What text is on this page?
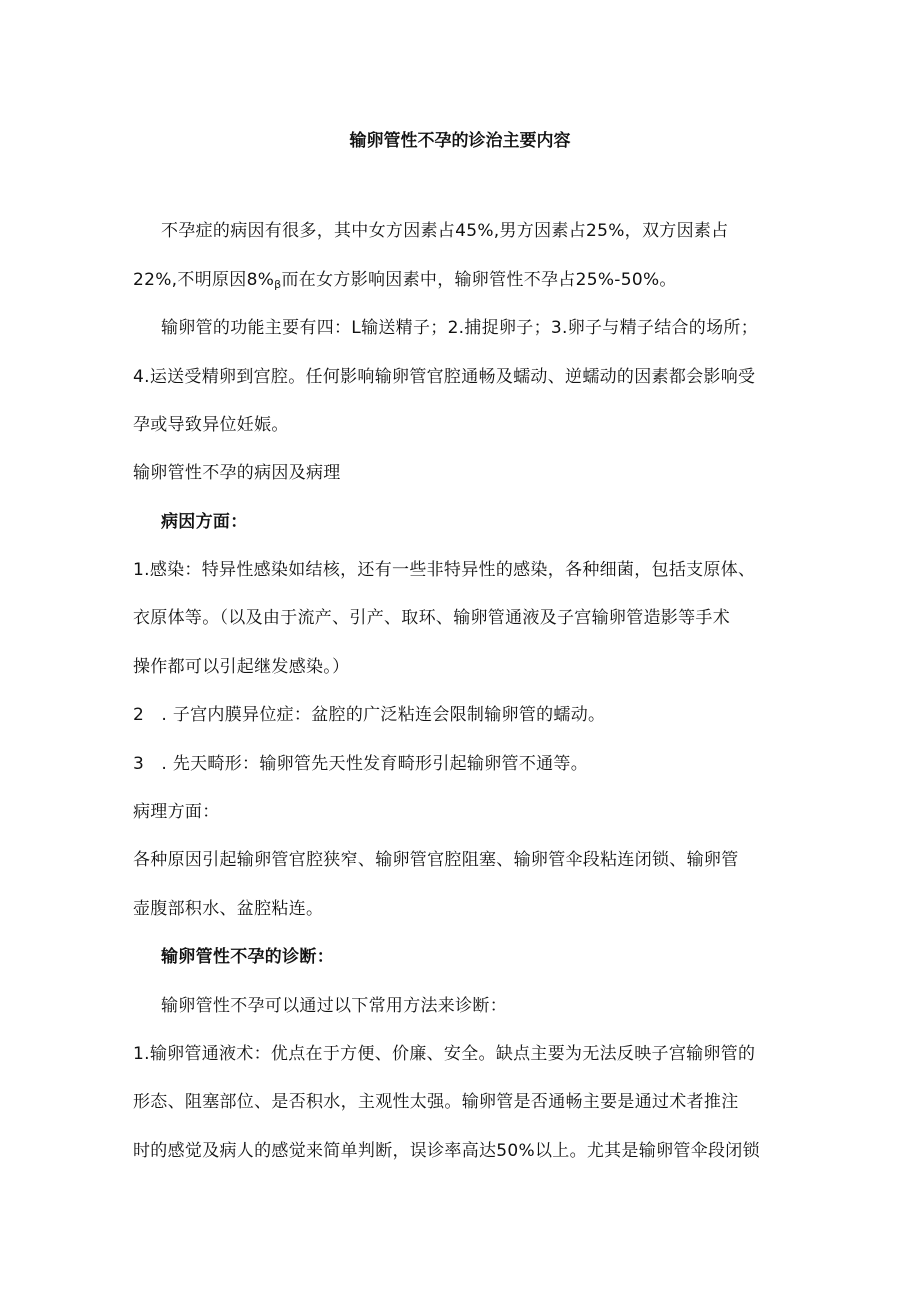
输卵管性不孕的诊治主要内容
不孕症的病因有很多，其中女方因素占45%,男方因素占25%，双方因素占
22%,不明原因$8\%_\beta$而在女方影响因素中，输卵管性不孕占25%-50%。
输卵管的功能主要有四：L输送精子；2.捕捉卵子；3.卵子与精子结合的场所；
4.运送受精卵到宫腔。任何影响输卵管官腔通畅及蠕动、逆蠕动的因素都会影响受
孕或导致异位妊娠。
输卵管性不孕的病因及病理
病因方面：
1.感染：特异性感染如结核，还有一些非特异性的感染，各种细菌，包括支原体、
衣原体等。（以及由于流产、引产、取环、输卵管通液及子宫输卵管造影等手术
操作都可以引起继发感染。）
2　. 子宫内膜异位症：盆腔的广泛粘连会限制输卵管的蠕动。
3　. 先天畸形：输卵管先天性发育畸形引起输卵管不通等。
病理方面：
各种原因引起输卵管官腔狭窄、输卵管官腔阻塞、输卵管伞段粘连闭锁、输卵管
壶腹部积水、盆腔粘连。
输卵管性不孕的诊断：
输卵管性不孕可以通过以下常用方法来诊断：
1.输卵管通液术：优点在于方便、价廉、安全。缺点主要为无法反映子宫输卵管的
形态、阻塞部位、是否积水，主观性太强。输卵管是否通畅主要是通过术者推注
时的感觉及病人的感觉来简单判断，误诊率高达50%以上。尤其是输卵管伞段闭锁
